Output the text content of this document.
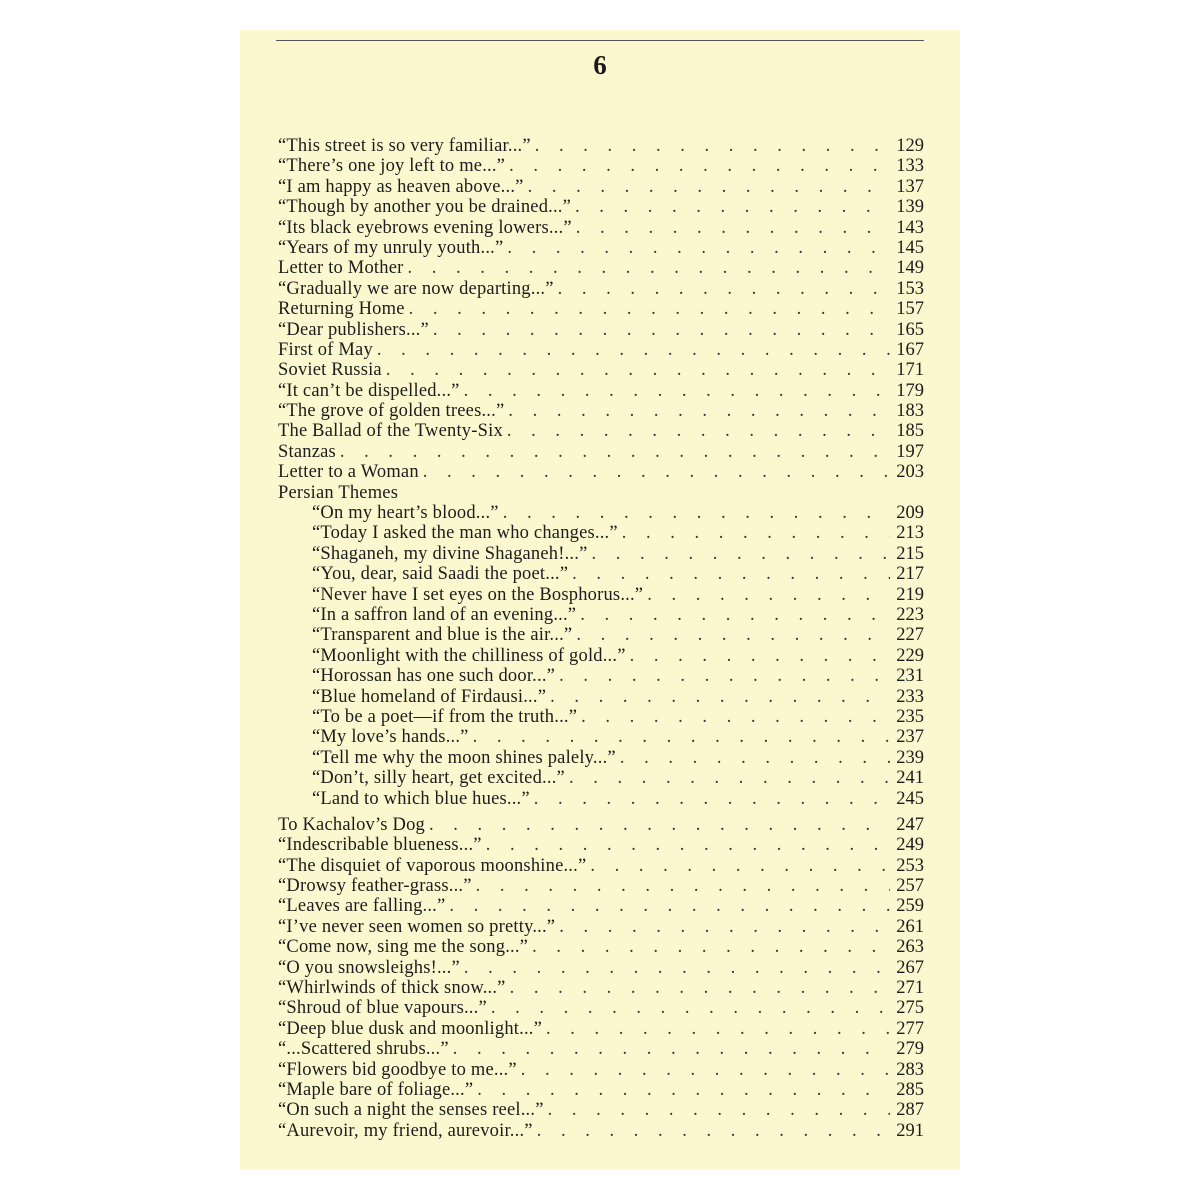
6
“This street is so very familiar...” . . .	129
“There’s one joy left to me...” . . .	133
“I am happy as heaven above...” . . .	137
“Though by another you be drained...” . . .	139
“Its black eyebrows evening lowers...” . . .	143
“Years of my unruly youth...” . . .	145
Letter to Mother . . .	149
“Gradually we are now departing...” . . .	153
Returning Home . . .	157
“Dear publishers...” . . .	165
First of May . . .	167
Soviet Russia . . .	171
“It can’t be dispelled...” . . .	179
“The grove of golden trees...” . . .	183
The Ballad of the Twenty-Six . . .	185
Stanzas . . .	197
Letter to a Woman . . .	203
Persian Themes
“On my heart’s blood...” . . .	209
“Today I asked the man who changes...” . . .	213
“Shaganeh, my divine Shaganeh!...” . . .	215
“You, dear, said Saadi the poet...” . . .	217
“Never have I set eyes on the Bosphorus...” . . .	219
“In a saffron land of an evening...” . . .	223
“Transparent and blue is the air...” . . .	227
“Moonlight with the chilliness of gold...” . . .	229
“Horossan has one such door...” . . .	231
“Blue homeland of Firdausi...” . . .	233
“To be a poet—if from the truth...” . . .	235
“My love’s hands...” . . .	237
“Tell me why the moon shines palely...” . . .	239
“Don’t, silly heart, get excited...” . . .	241
“Land to which blue hues...” . . .	245
To Kachalov’s Dog . . .	247
“Indescribable blueness...” . . .	249
“The disquiet of vaporous moonshine...” . . .	253
“Drowsy feather-grass...” . . .	257
“Leaves are falling...” . . .	259
“I’ve never seen women so pretty...” . . .	261
“Come now, sing me the song...” . . .	263
“O you snowsleighs!...” . . .	267
“Whirlwinds of thick snow...” . . .	271
“Shroud of blue vapours...” . . .	275
“Deep blue dusk and moonlight...” . . .	277
“...Scattered shrubs...” . . .	279
“Flowers bid goodbye to me...” . . .	283
“Maple bare of foliage...” . . .	285
“On such a night the senses reel...” . . .	287
“Aurevoir, my friend, aurevoir...” . . .	291
